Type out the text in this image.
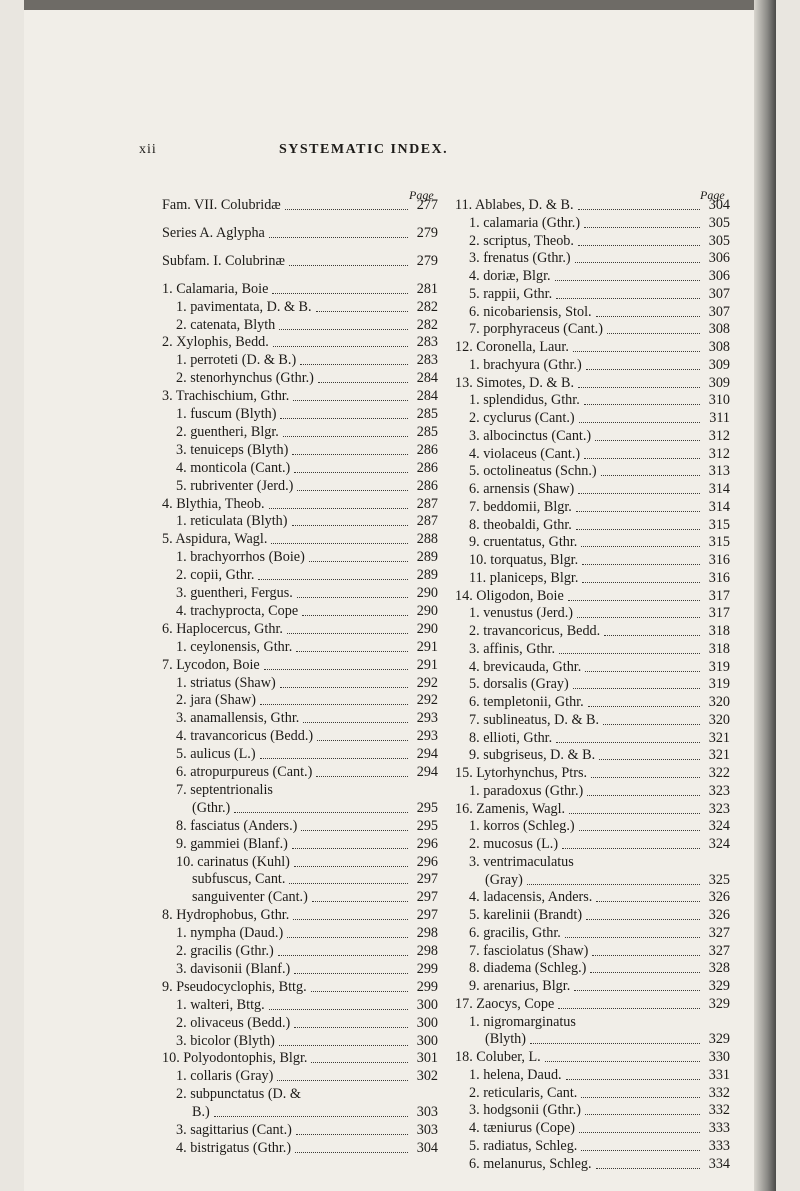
xii	SYSTEMATIC INDEX.
Page
Fam. VII. Colubridæ	277
Series A. Aglypha	279
Subfam. I. Colubrinæ	279
1. Calamaria, Boie	281
1. pavimentata, D. & B.	282
2. catenata, Blyth	282
2. Xylophis, Bedd.	283
1. perroteti (D. & B.)	283
2. stenorhynchus (Gthr.)	284
3. Trachischium, Gthr.	284
1. fuscum (Blyth)	285
2. guentheri, Blgr.	285
3. tenuiceps (Blyth)	286
4. monticola (Cant.)	286
5. rubriventer (Jerd.)	286
4. Blythia, Theob.	287
1. reticulata (Blyth)	287
5. Aspidura, Wagl.	288
1. brachyorrhos (Boie)	289
2. copii, Gthr.	289
3. guentheri, Fergus.	290
4. trachyprocta, Cope	290
6. Haplocercus, Gthr.	290
1. ceylonensis, Gthr.	291
7. Lycodon, Boie	291
1. striatus (Shaw)	292
2. jara (Shaw)	292
3. anamallensis, Gthr.	293
4. travancoricus (Bedd.)	293
5. aulicus (L.)	294
6. atropurpureus (Cant.)	294
7. septentrionalis
(Gthr.)	295
8. fasciatus (Anders.)	295
9. gammiei (Blanf.)	296
10. carinatus (Kuhl)	296
subfuscus, Cant.	297
sanguiventer (Cant.)	297
8. Hydrophobus, Gthr.	297
1. nympha (Daud.)	298
2. gracilis (Gthr.)	298
3. davisonii (Blanf.)	299
9. Pseudocyclophis, Bttg.	299
1. walteri, Bttg.	300
2. olivaceus (Bedd.)	300
3. bicolor (Blyth)	300
10. Polyodontophis, Blgr.	301
1. collaris (Gray)	302
2. subpunctatus (D. &
B.)	303
3. sagittarius (Cant.)	303
4. bistrigatus (Gthr.)	304
Page
11. Ablabes, D. & B.	304
1. calamaria (Gthr.)	305
2. scriptus, Theob.	305
3. frenatus (Gthr.)	306
4. doriæ, Blgr.	306
5. rappii, Gthr.	307
6. nicobariensis, Stol.	307
7. porphyraceus (Cant.)	308
12. Coronella, Laur.	308
1. brachyura (Gthr.)	309
13. Simotes, D. & B.	309
1. splendidus, Gthr.	310
2. cyclurus (Cant.)	311
3. albocinctus (Cant.)	312
4. violaceus (Cant.)	312
5. octolineatus (Schn.)	313
6. arnensis (Shaw)	314
7. beddomii, Blgr.	314
8. theobaldi, Gthr.	315
9. cruentatus, Gthr.	315
10. torquatus, Blgr.	316
11. planiceps, Blgr.	316
14. Oligodon, Boie	317
1. venustus (Jerd.)	317
2. travancoricus, Bedd.	318
3. affinis, Gthr.	318
4. brevicauda, Gthr.	319
5. dorsalis (Gray)	319
6. templetonii, Gthr.	320
7. sublineatus, D. & B.	320
8. ellioti, Gthr.	321
9. subgriseus, D. & B.	321
15. Lytorhynchus, Ptrs.	322
1. paradoxus (Gthr.)	323
16. Zamenis, Wagl.	323
1. korros (Schleg.)	324
2. mucosus (L.)	324
3. ventrimaculatus
(Gray)	325
4. ladacensis, Anders.	326
5. karelinii (Brandt)	326
6. gracilis, Gthr.	327
7. fasciolatus (Shaw)	327
8. diadema (Schleg.)	328
9. arenarius, Blgr.	329
17. Zaocys, Cope	329
1. nigromarginatus
(Blyth)	329
18. Coluber, L.	330
1. helena, Daud.	331
2. reticularis, Cant.	332
3. hodgsonii (Gthr.)	332
4. tæniurus (Cope)	333
5. radiatus, Schleg.	333
6. melanurus, Schleg.	334
